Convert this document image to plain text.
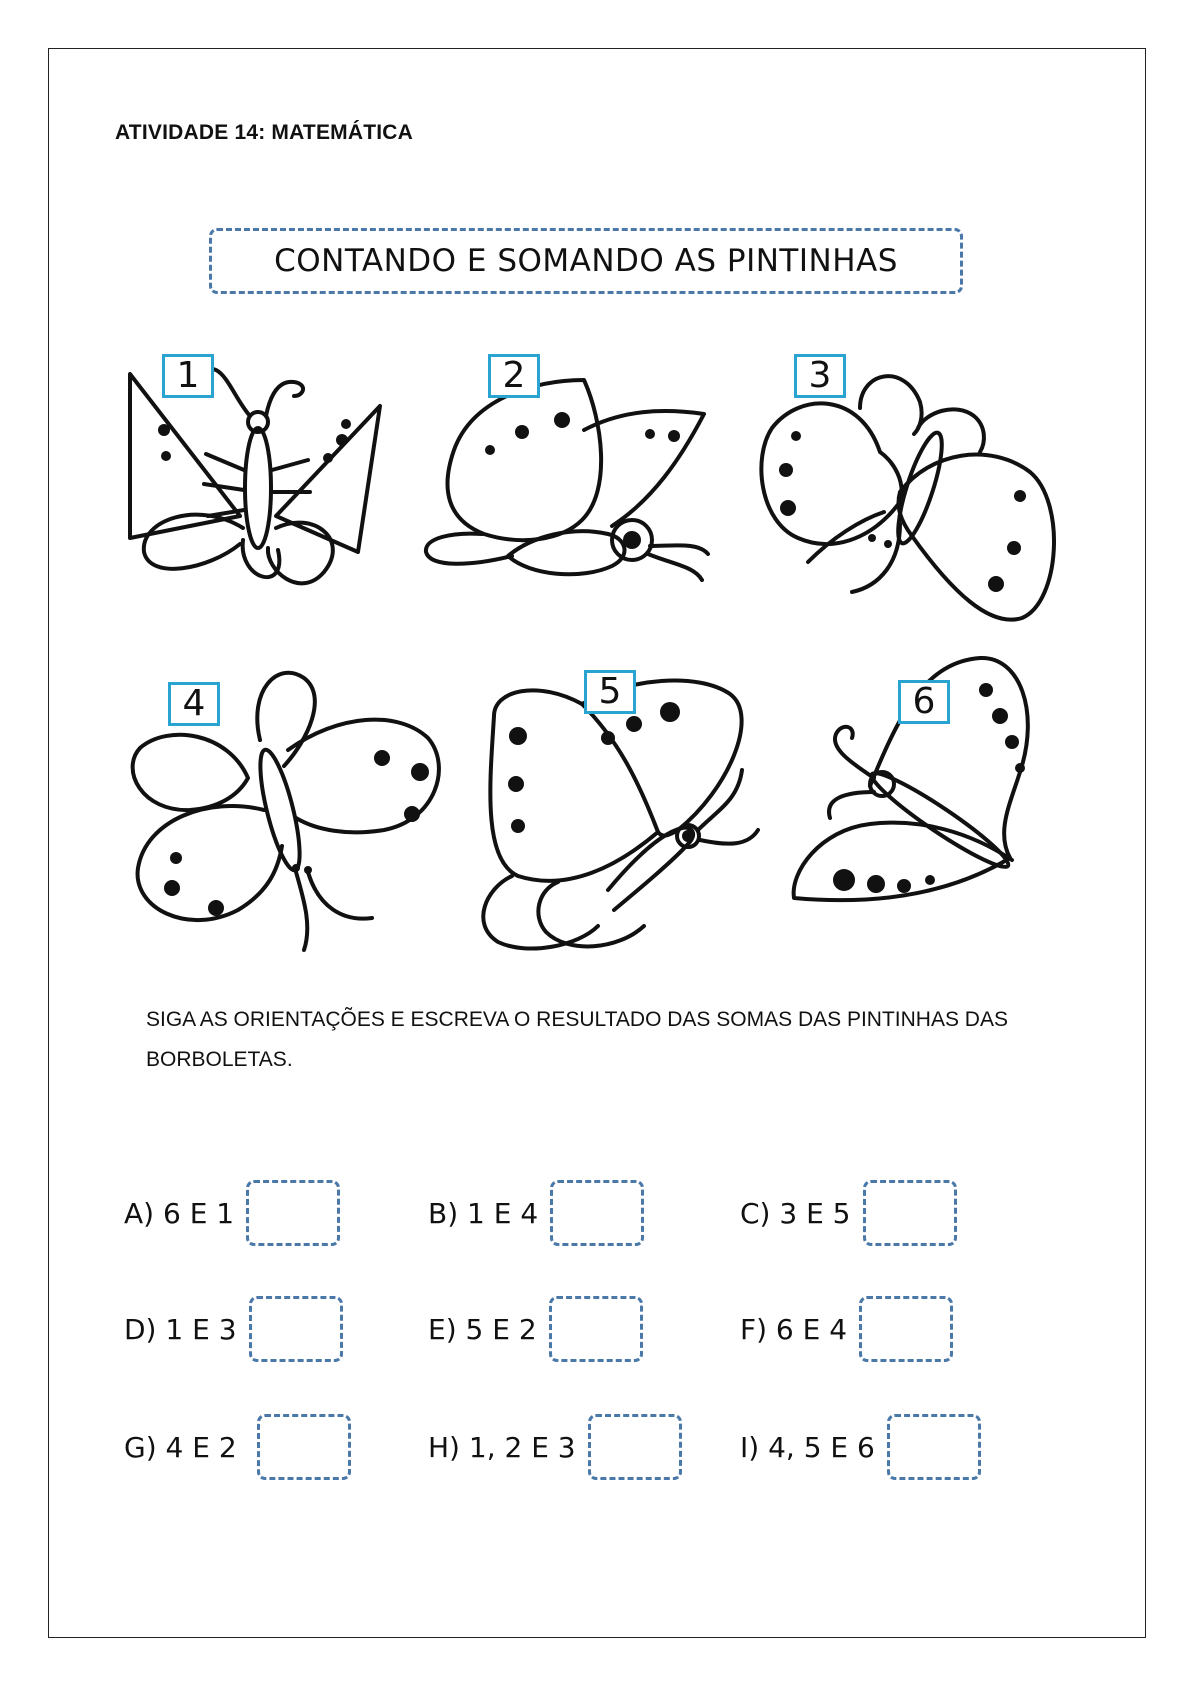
ATIVIDADE 14: MATEMÁTICA
CONTANDO E SOMANDO AS PINTINHAS
1	2	3
4	5	6
SIGA AS ORIENTAÇÕES E ESCREVA O RESULTADO DAS SOMAS DAS PINTINHAS DAS BORBOLETAS.
A) 6 E 1	B) 1 E 4	C) 3 E 5
D) 1 E 3	E) 5 E 2	F) 6 E 4
G) 4 E 2	H) 1, 2 E 3	I) 4, 5 E 6
